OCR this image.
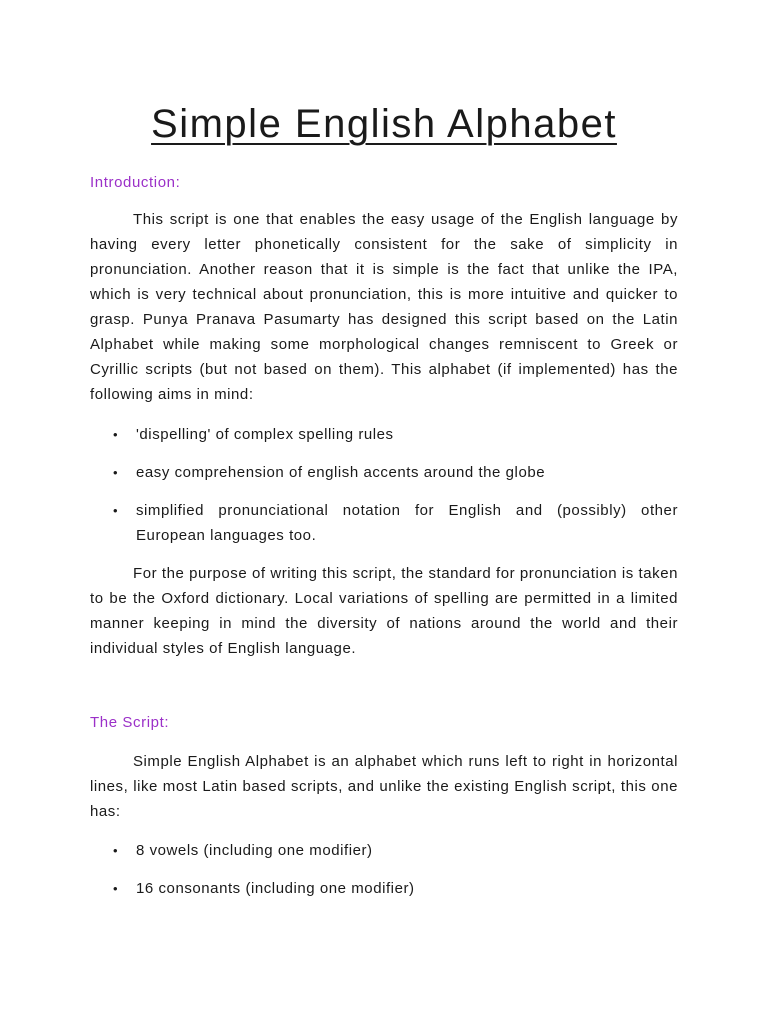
Simple English Alphabet

Introduction:

This script is one that enables the easy usage of the English language by having every letter phonetically consistent for the sake of simplicity in pronunciation. Another reason that it is simple is the fact that unlike the IPA, which is very technical about pronunciation, this is more intuitive and quicker to grasp. Punya Pranava Pasumarty has designed this script based on the Latin Alphabet while making some morphological changes remniscent to Greek or Cyrillic scripts (but not based on them). This alphabet (if implemented) has the following aims in mind:

• 'dispelling' of complex spelling rules
• easy comprehension of english accents around the globe
• simplified pronunciational notation for English and (possibly) other European languages too.

For the purpose of writing this script, the standard for pronunciation is taken to be the Oxford dictionary. Local variations of spelling are permitted in a limited manner keeping in mind the diversity of nations around the world and their individual styles of English language.

The Script:

Simple English Alphabet is an alphabet which runs left to right in horizontal lines, like most Latin based scripts, and unlike the existing English script, this one has:

• 8 vowels (including one modifier)
• 16 consonants (including one modifier)
